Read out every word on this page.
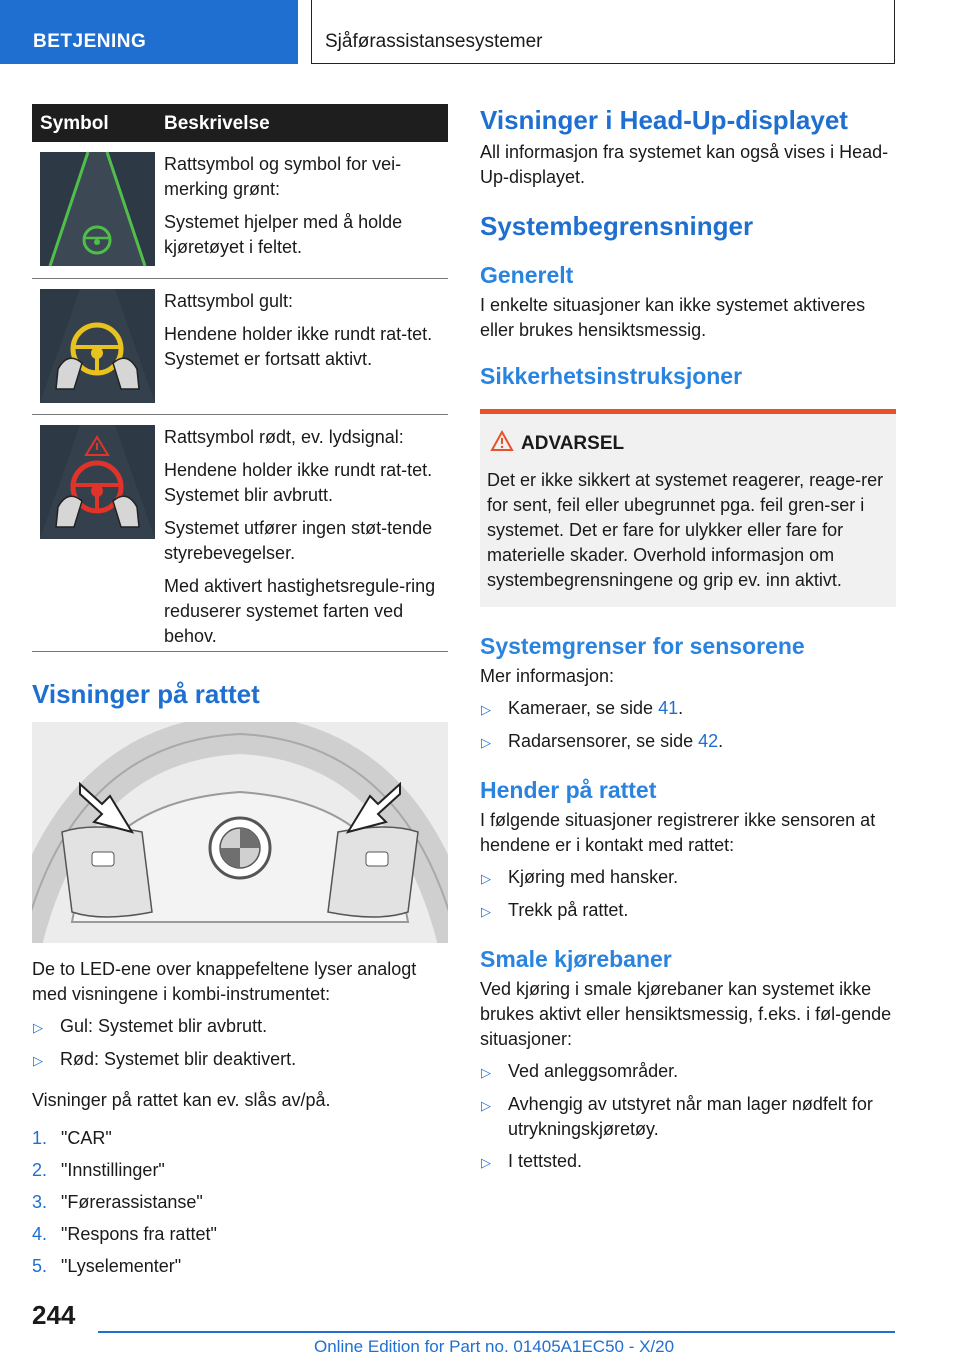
BETJENING	Sjåførassistansesystemer
Symbol	Beskrivelse

Rattsymbol og symbol for vei-merking grønt:

Systemet hjelper med å holde kjøretøyet i feltet.

Rattsymbol gult:

Hendene holder ikke rundt rat-tet. Systemet er fortsatt aktivt.

Rattsymbol rødt, ev. lydsignal:

Hendene holder ikke rundt rat-tet. Systemet blir avbrutt.

Systemet utfører ingen støt-tende styrebevegelser.

Med aktivert hastighetsregule-ring reduserer systemet farten ved behov.

Visninger på rattet

De to LED-ene over knappefeltene lyser analogt med visningene i kombi-instrumentet:

▷ Gul: Systemet blir avbrutt.
▷ Rød: Systemet blir deaktivert.

Visninger på rattet kan ev. slås av/på.

1. "CAR"
2. "Innstillinger"
3. "Førerassistanse"
4. "Respons fra rattet"
5. "Lyselementer"
Visninger i Head-Up-displayet

All informasjon fra systemet kan også vises i Head-Up-displayet.

Systembegrensninger
Generelt

I enkelte situasjoner kan ikke systemet aktiveres eller brukes hensiktsmessig.

Sikkerhetsinstruksjoner
ADVARSEL

Det er ikke sikkert at systemet reagerer, reage-rer for sent, feil eller ubegrunnet pga. feil gren-ser i systemet. Det er fare for ulykker eller fare for materielle skader. Overhold informasjon om systembegrensningene og grip ev. inn aktivt.

Systemgrenser for sensorene

Mer informasjon:

▷ Kameraer, se side 41.
▷ Radarsensorer, se side 42.
Hender på rattet

I følgende situasjoner registrerer ikke sensoren at hendene er i kontakt med rattet:

▷ Kjøring med hansker.
▷ Trekk på rattet.
Smale kjørebaner

Ved kjøring i smale kjørebaner kan systemet ikke brukes aktivt eller hensiktsmessig, f.eks. i føl-gende situasjoner:

▷ Ved anleggsområder.
▷ Avhengig av utstyret når man lager nødfelt for utrykningskjøretøy.
▷ I tettsted.
244
Online Edition for Part no. 01405A1EC50 - X/20
